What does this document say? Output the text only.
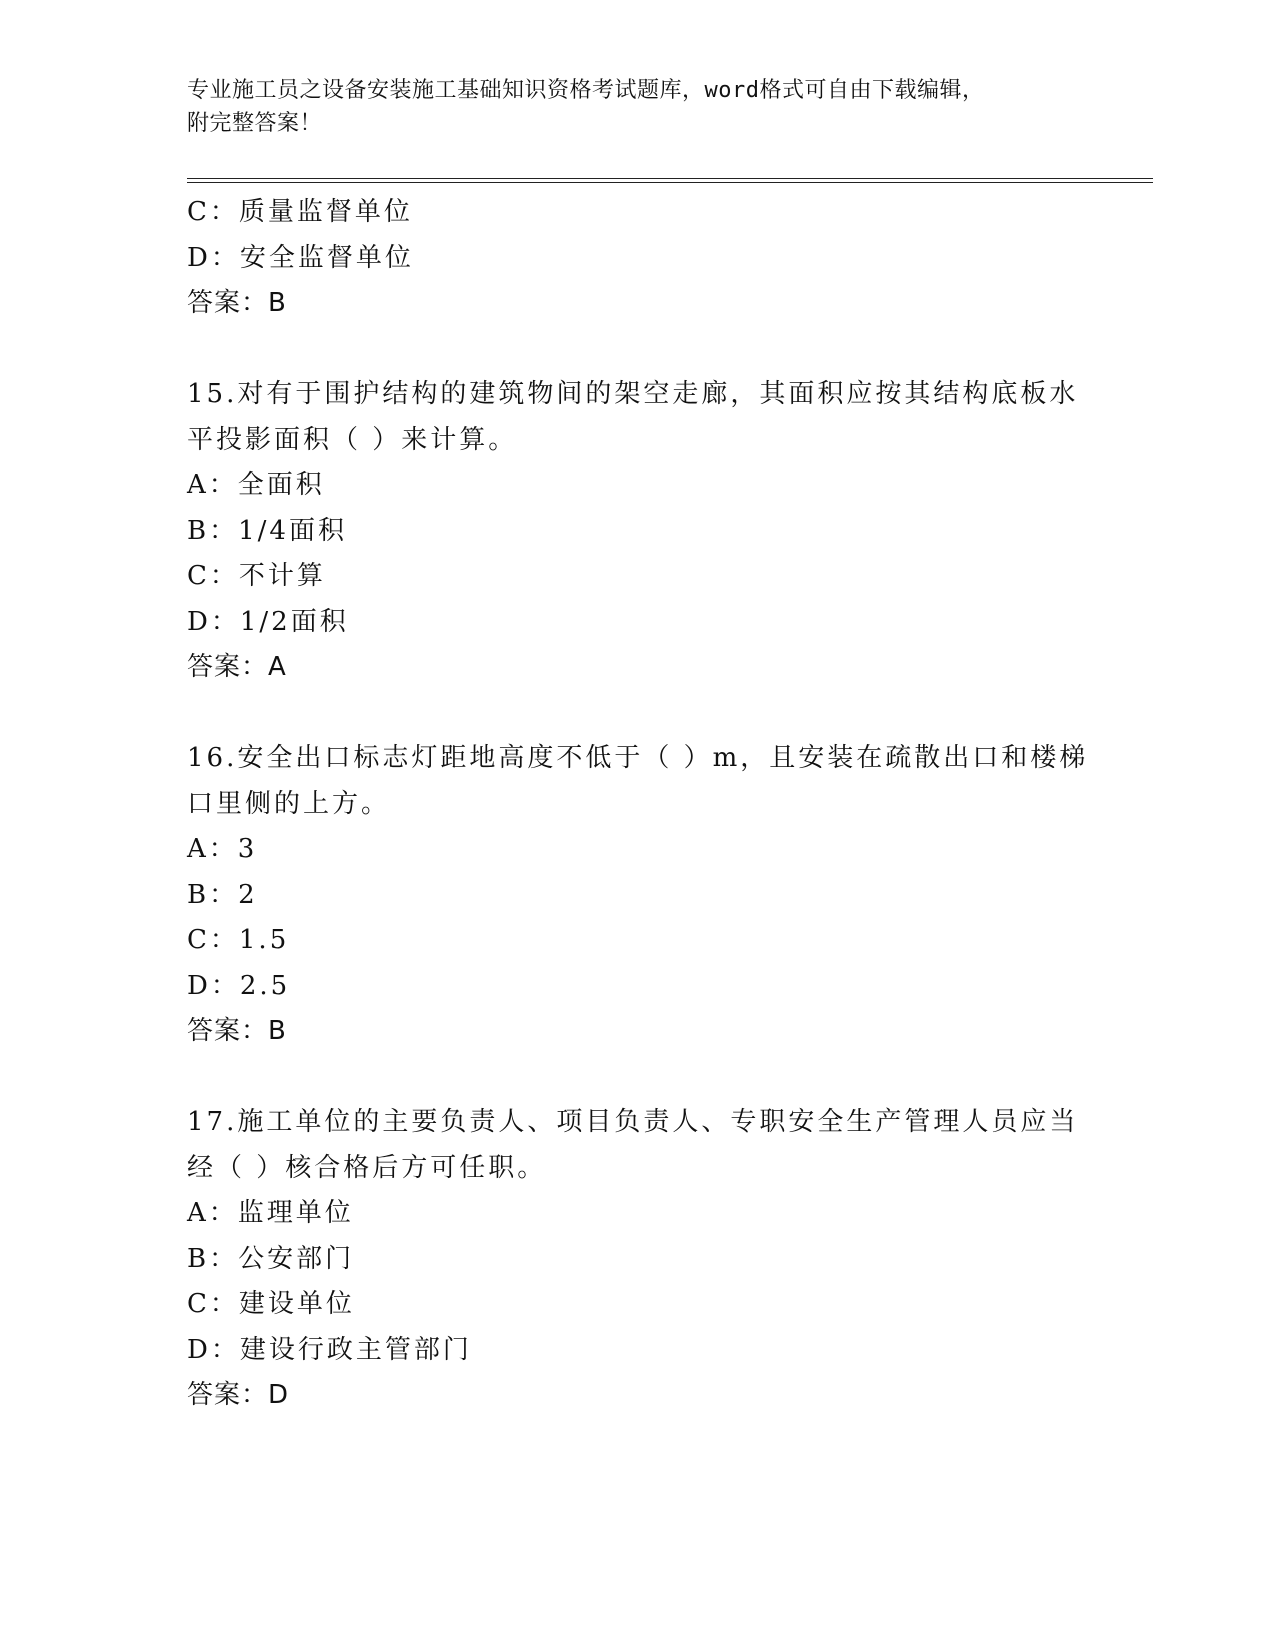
专业施工员之设备安装施工基础知识资格考试题库，word格式可自由下载编辑，
附完整答案！
C：质量监督单位
D：安全监督单位
答案：B
15.对有于围护结构的建筑物间的架空走廊，其面积应按其结构底板水
平投影面积（ ）来计算。
A：全面积
B：1/4面积
C：不计算
D：1/2面积
答案：A
16.安全出口标志灯距地高度不低于（ ）m，且安装在疏散出口和楼梯
口里侧的上方。
A：3
B：2
C：1.5
D：2.5
答案：B
17.施工单位的主要负责人、项目负责人、专职安全生产管理人员应当
经（ ）核合格后方可任职。
A：监理单位
B：公安部门
C：建设单位
D：建设行政主管部门
答案：D
